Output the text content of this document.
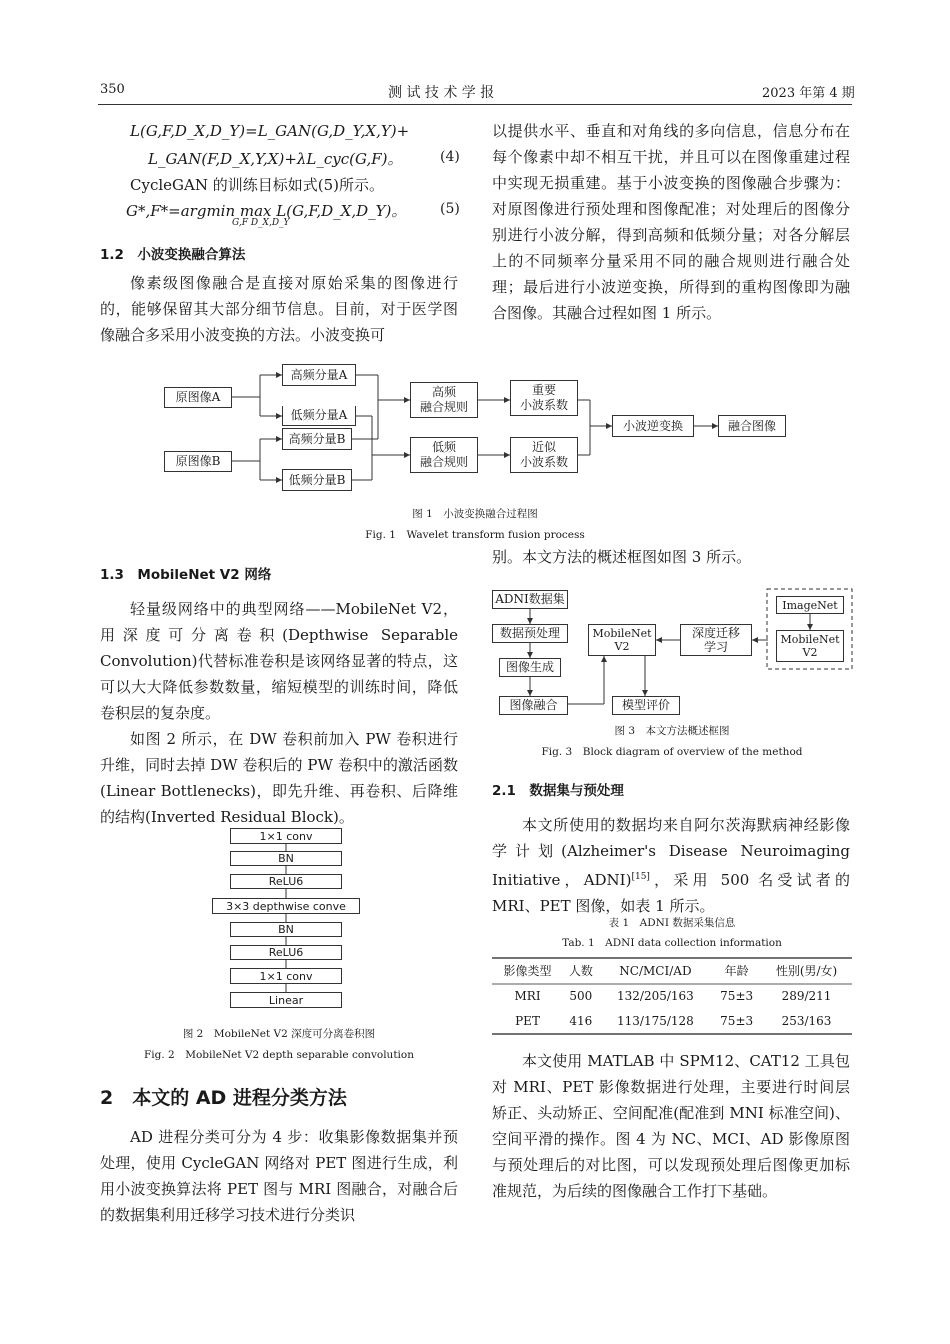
350	测 试 技 术 学 报	2023 年第 4 期
L(G,F,D_X,D_Y)=L_GAN(G,D_Y,X,Y)+
L_GAN(F,D_X,Y,X)+λL_cyc(G,F)。	(4)
CycleGAN 的训练目标如式(5)所示。
G*,F*=argmin max L(G,F,D_X,D_Y)。
G,F D_X,D_Y
(5)
1.2　小波变换融合算法

像素级图像融合是直接对原始采集的图像进行的，能够保留其大部分细节信息。目前，对于医学图像融合多采用小波变换的方法。小波变换可

以提供水平、垂直和对角线的多向信息，信息分布在每个像素中却不相互干扰，并且可以在图像重建过程中实现无损重建。基于小波变换的图像融合步骤为：对原图像进行预处理和图像配准；对处理后的图像分别进行小波分解，得到高频和低频分量；对各分解层上的不同频率分量采用不同的融合规则进行融合处理；最后进行小波逆变换，所得到的重构图像即为融合图像。其融合过程如图 1 所示。

原图像A
原图像B
高频分量A
低频分量A
高频分量B
低频分量B
高频
融合规则
低频
融合规则
重要
小波系数
近似
小波系数
小波逆变换	融合图像
图 1　小波变换融合过程图
Fig. 1　Wavelet transform fusion process
1.3　MobileNet V2 网络

轻量级网络中的典型网络——MobileNet V2，用深度可分离卷积(Depthwise Separable Convolution)代替标准卷积是该网络显著的特点，这可以大大降低参数数量，缩短模型的训练时间，降低卷积层的复杂度。

如图 2 所示，在 DW 卷积前加入 PW 卷积进行升维，同时去掉 DW 卷积后的 PW 卷积中的激活函数(Linear Bottlenecks)，即先升维、再卷积、后降维的结构(Inverted Residual Block)。

1×1 conv
BN
ReLU6
3×3 depthwise conve
BN
ReLU6
1×1 conv
Linear
图 2　MobileNet V2 深度可分离卷积图
Fig. 2　MobileNet V2 depth separable convolution
2　本文的 AD 进程分类方法

AD 进程分类可分为 4 步：收集影像数据集并预处理，使用 CycleGAN 网络对 PET 图进行生成，利用小波变换算法将 PET 图与 MRI 图融合，对融合后的数据集利用迁移学习技术进行分类识

别。本文方法的概述框图如图 3 所示。

ADNI数据集
数据预处理
图像生成
图像融合
MobileNet
V2
深度迁移
学习
ImageNet
MobileNet
V2
模型评价
图 3　本文方法概述框图
Fig. 3　Block diagram of overview of the method
2.1　数据集与预处理

本文所使用的数据均来自阿尔茨海默病神经影像学计划(Alzheimer's Disease Neuroimaging Initiative，ADNI)[15]，采用 500 名受试者的 MRI、PET 图像，如表 1 所示。

表 1　ADNI 数据采集信息
Tab. 1　ADNI data collection information
影像类型	人数	NC/MCI/AD	年龄	性别(男/女)
MRI	500	132/205/163	75±3	289/211
PET	416	113/175/128	75±3	253/163

本文使用 MATLAB 中 SPM12、CAT12 工具包对 MRI、PET 影像数据进行处理，主要进行时间层矫正、头动矫正、空间配准(配准到 MNI 标准空间)、空间平滑的操作。图 4 为 NC、MCI、AD 影像原图与预处理后的对比图，可以发现预处理后图像更加标准规范，为后续的图像融合工作打下基础。
